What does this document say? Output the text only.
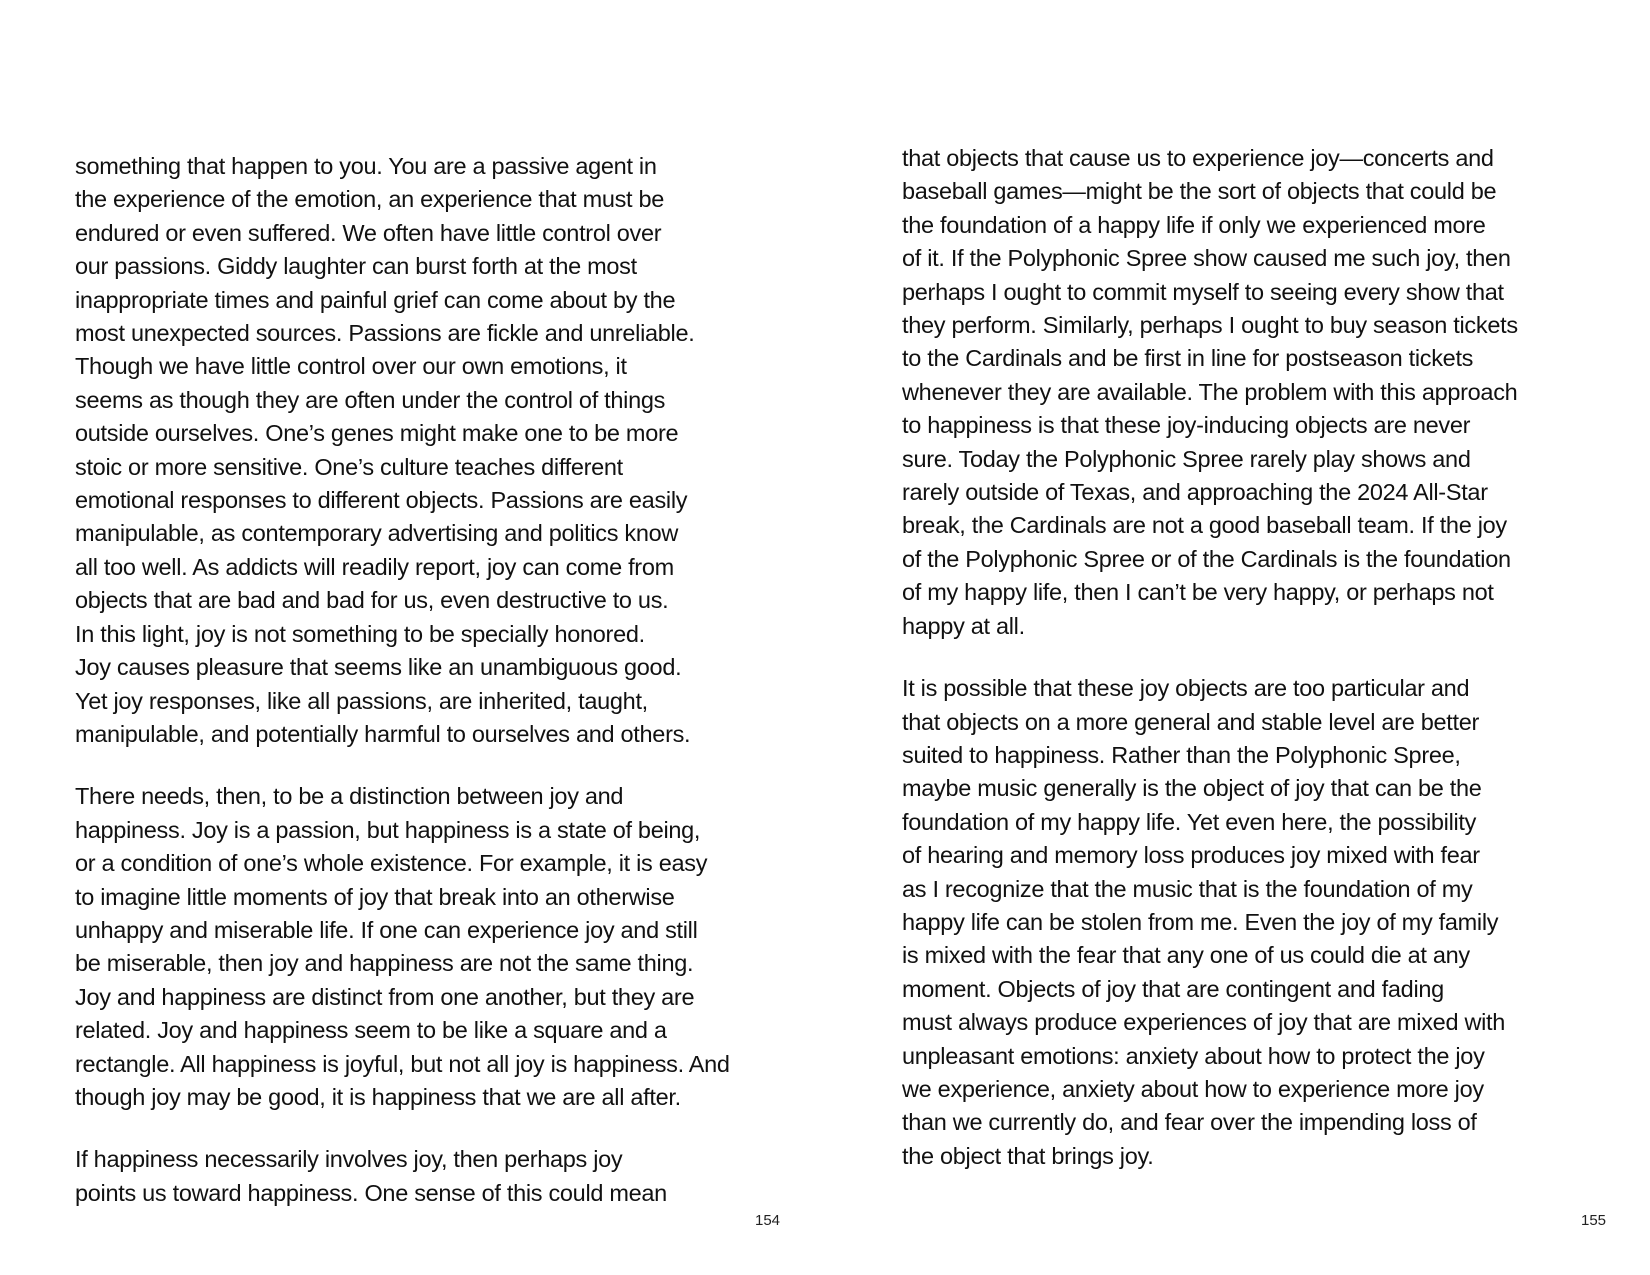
something that happen to you. You are a passive agent in
the experience of the emotion, an experience that must be
endured or even suffered. We often have little control over
our passions. Giddy laughter can burst forth at the most
inappropriate times and painful grief can come about by the
most unexpected sources. Passions are fickle and unreliable.
Though we have little control over our own emotions, it
seems as though they are often under the control of things
outside ourselves. One’s genes might make one to be more
stoic or more sensitive. One’s culture teaches different
emotional responses to different objects. Passions are easily
manipulable, as contemporary advertising and politics know
all too well. As addicts will readily report, joy can come from
objects that are bad and bad for us, even destructive to us.
In this light, joy is not something to be specially honored.
Joy causes pleasure that seems like an unambiguous good.
Yet joy responses, like all passions, are inherited, taught,
manipulable, and potentially harmful to ourselves and others.

There needs, then, to be a distinction between joy and
happiness. Joy is a passion, but happiness is a state of being,
or a condition of one’s whole existence. For example, it is easy
to imagine little moments of joy that break into an otherwise
unhappy and miserable life. If one can experience joy and still
be miserable, then joy and happiness are not the same thing.
Joy and happiness are distinct from one another, but they are
related. Joy and happiness seem to be like a square and a
rectangle. All happiness is joyful, but not all joy is happiness. And
though joy may be good, it is happiness that we are all after.

If happiness necessarily involves joy, then perhaps joy
points us toward happiness. One sense of this could mean

154

that objects that cause us to experience joy—concerts and
baseball games—might be the sort of objects that could be
the foundation of a happy life if only we experienced more
of it. If the Polyphonic Spree show caused me such joy, then
perhaps I ought to commit myself to seeing every show that
they perform. Similarly, perhaps I ought to buy season tickets
to the Cardinals and be first in line for postseason tickets
whenever they are available. The problem with this approach
to happiness is that these joy-inducing objects are never
sure. Today the Polyphonic Spree rarely play shows and
rarely outside of Texas, and approaching the 2024 All-Star
break, the Cardinals are not a good baseball team. If the joy
of the Polyphonic Spree or of the Cardinals is the foundation
of my happy life, then I can’t be very happy, or perhaps not
happy at all.

It is possible that these joy objects are too particular and
that objects on a more general and stable level are better
suited to happiness. Rather than the Polyphonic Spree,
maybe music generally is the object of joy that can be the
foundation of my happy life. Yet even here, the possibility
of hearing and memory loss produces joy mixed with fear
as I recognize that the music that is the foundation of my
happy life can be stolen from me. Even the joy of my family
is mixed with the fear that any one of us could die at any
moment. Objects of joy that are contingent and fading
must always produce experiences of joy that are mixed with
unpleasant emotions: anxiety about how to protect the joy
we experience, anxiety about how to experience more joy
than we currently do, and fear over the impending loss of
the object that brings joy.

155
